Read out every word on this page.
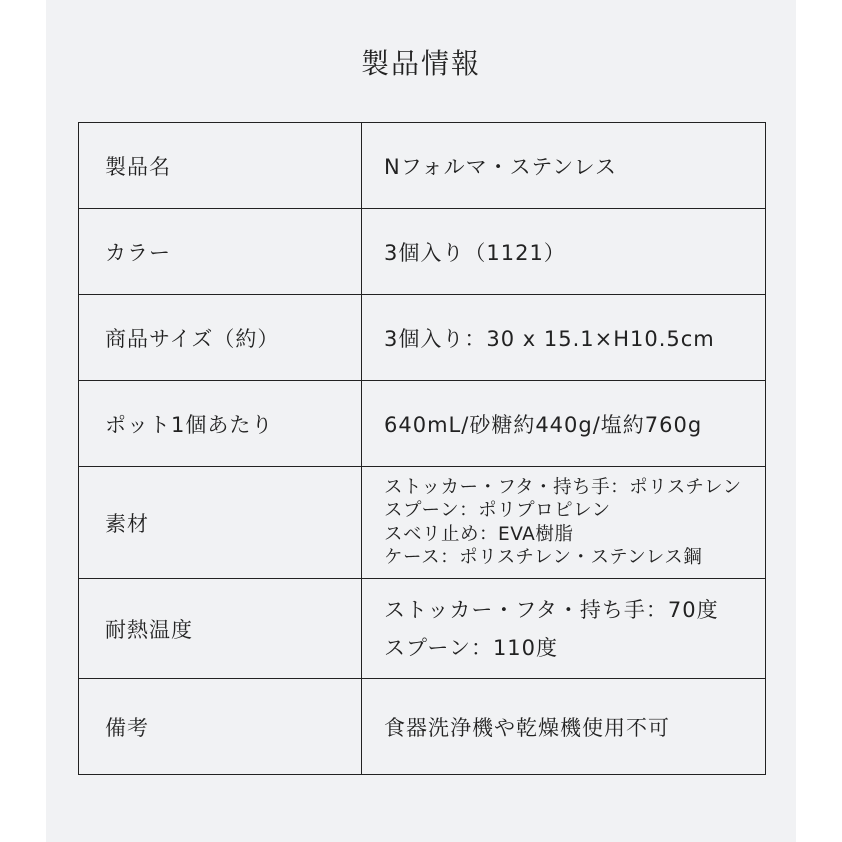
製品情報
製品名	Nフォルマ・ステンレス
カラー	3個入り（1121）
商品サイズ（約）	3個入り：30 x 15.1×H10.5cm
ポット1個あたり	640mL/砂糖約440g/塩約760g
素材	ストッカー・フタ・持ち手：ポリスチレン
スプーン：ポリプロピレン
スベリ止め：EVA樹脂
ケース：ポリスチレン・ステンレス鋼

耐熱温度	ストッカー・フタ・持ち手：70度
スプーン：110度

備考	食器洗浄機や乾燥機使用不可
